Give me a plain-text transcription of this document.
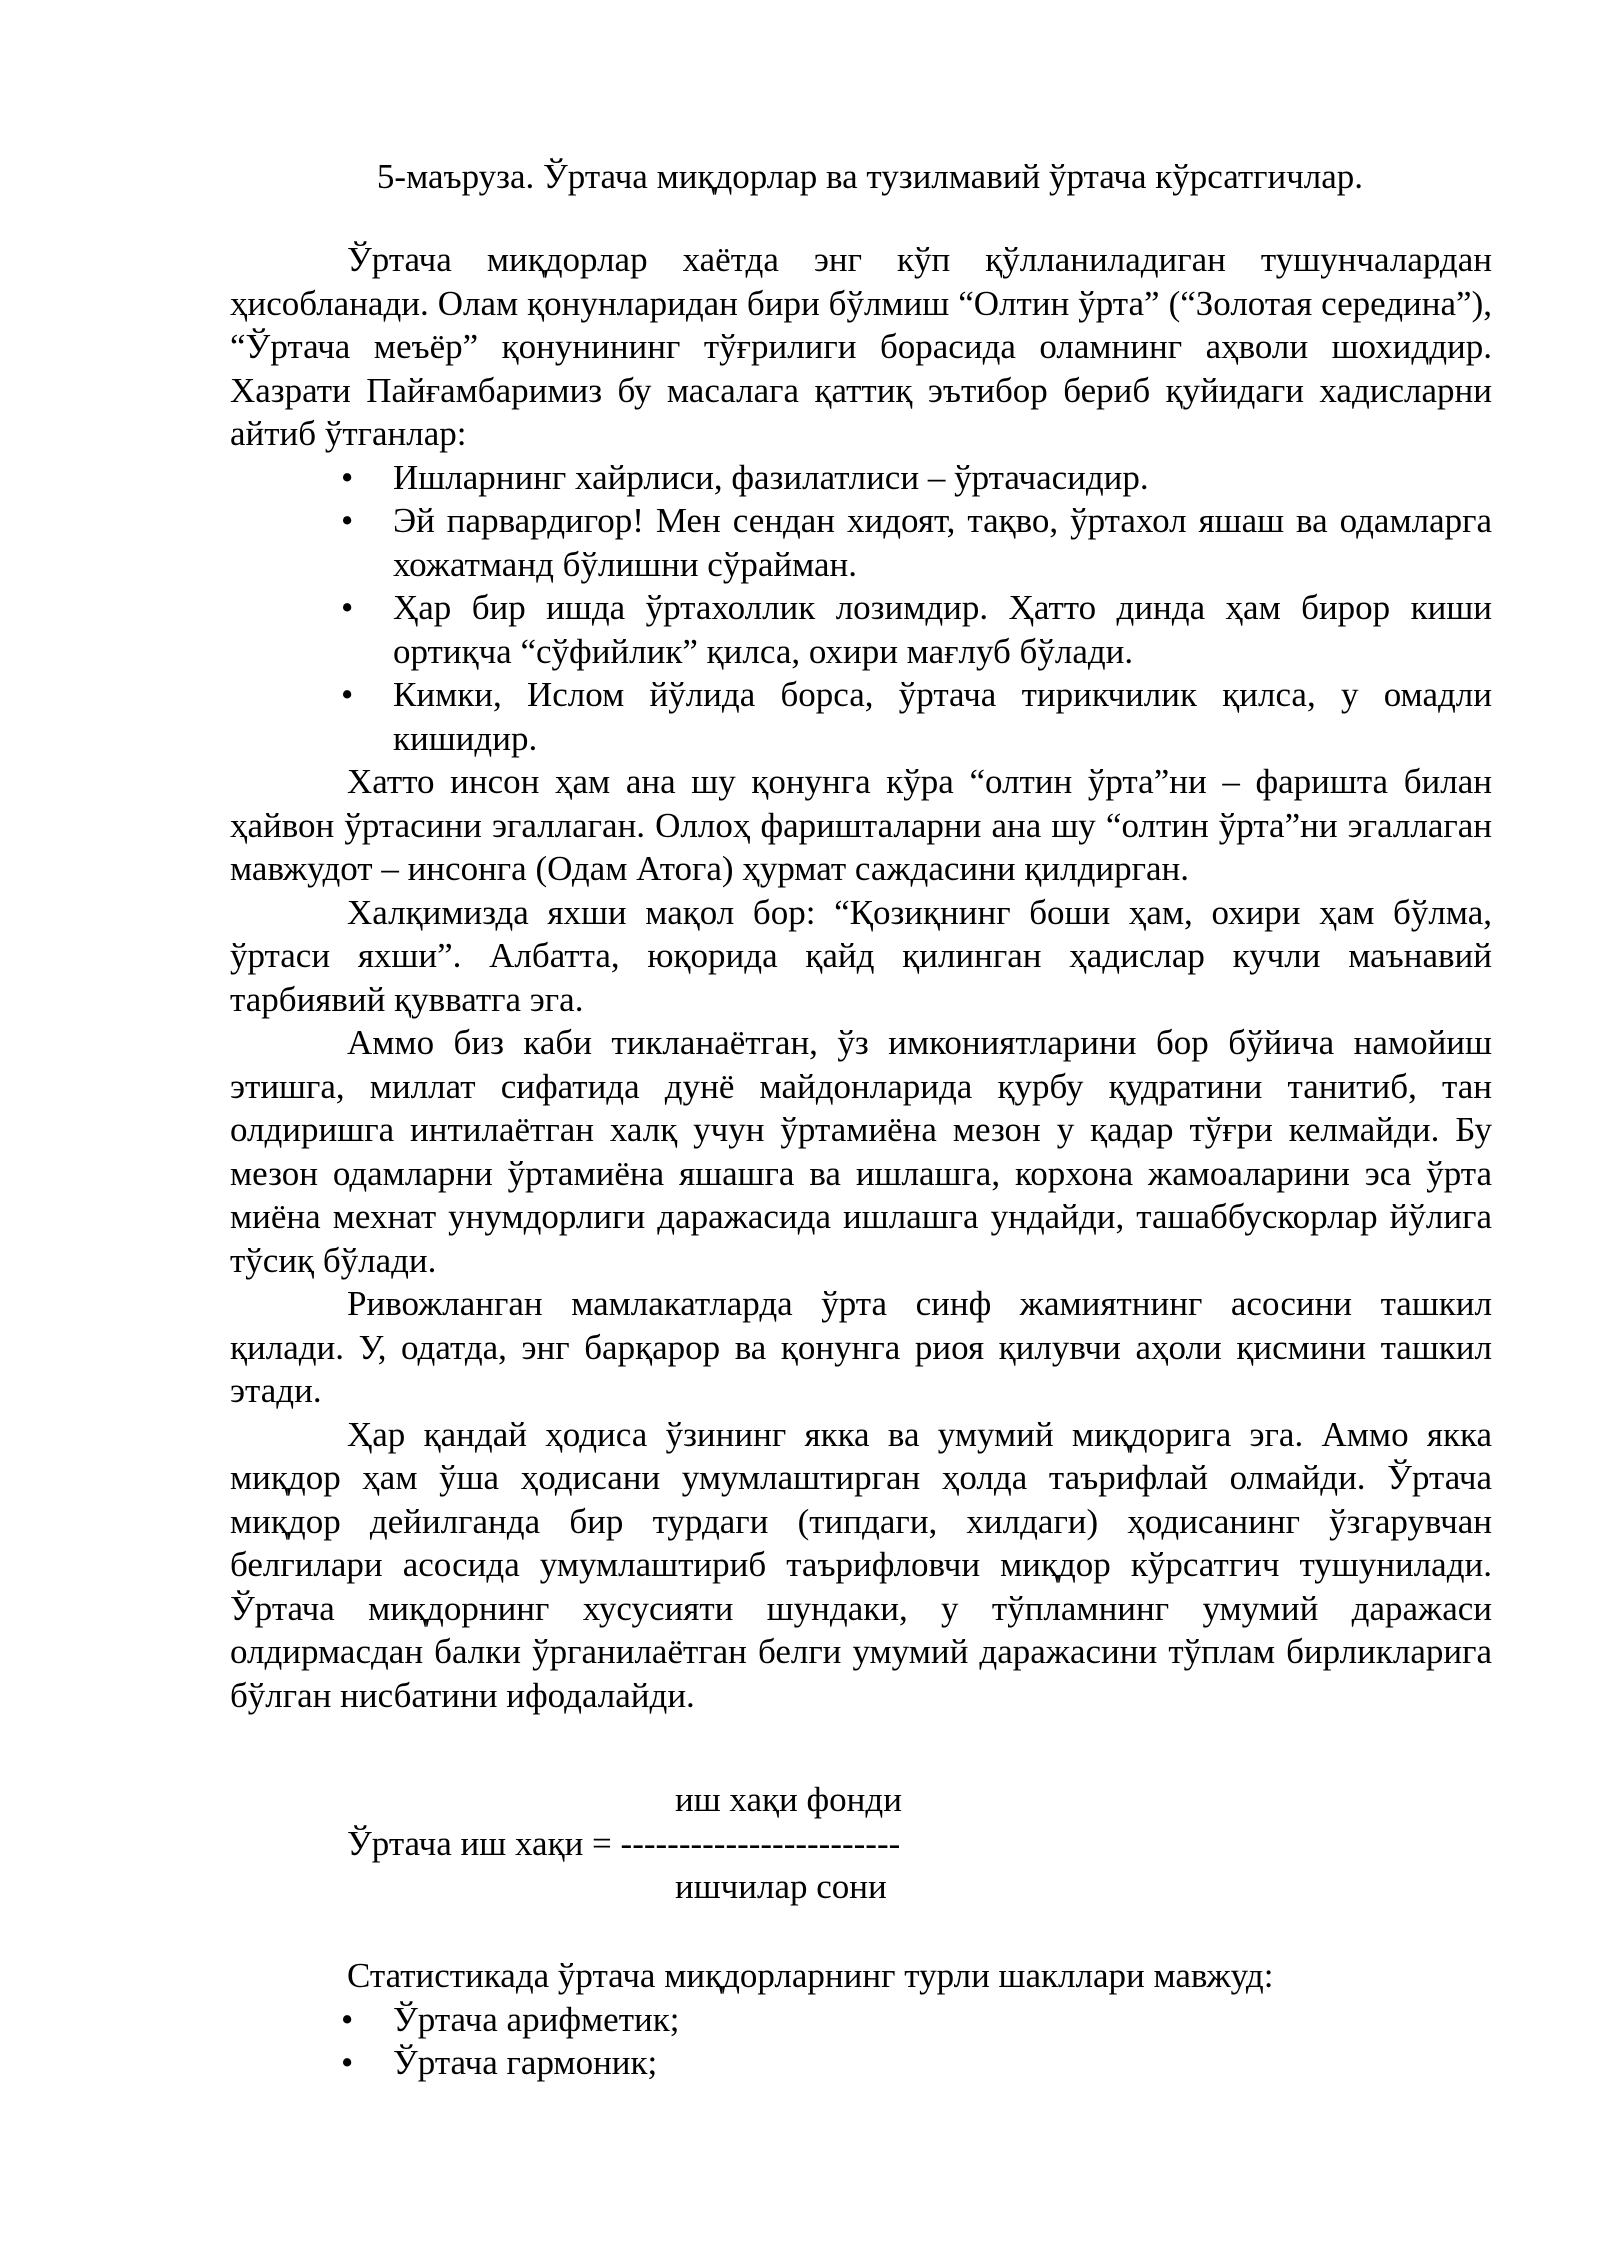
5-маъруза. Ўртача миқдорлар ва тузилмавий ўртача кўрсатгичлар.

Ўртача миқдорлар хаётда энг кўп қўлланиладиган тушунчалардан ҳисобланади. Олам қонунларидан бири бўлмиш “Олтин ўрта” (“Золотая середина”), “Ўртача меъёр” қонунининг тўғрилиги борасида оламнинг аҳволи шохиддир. Хазрати Пайғамбаримиз бу масалага қаттиқ эътибор бериб қуйидаги хадисларни айтиб ўтганлар:

• Ишларнинг хайрлиси, фазилатлиси – ўртачасидир.
• Эй парвардигор! Мен сендан хидоят, тақво, ўртахол яшаш ва одамларга хожатманд бўлишни сўрайман.
• Ҳар бир ишда ўртахоллик лозимдир. Ҳатто динда ҳам бирор киши ортиқча “сўфийлик” қилса, охири мағлуб бўлади.
• Кимки, Ислом йўлида борса, ўртача тирикчилик қилса, у омадли кишидир.

Хатто инсон ҳам ана шу қонунга кўра “олтин ўрта”ни – фаришта билан ҳайвон ўртасини эгаллаган. Оллоҳ фаришталарни ана шу “олтин ўрта”ни эгаллаган мавжудот – инсонга (Одам Атога) ҳурмат саждасини қилдирган.

Халқимизда яхши мақол бор: “Қозиқнинг боши ҳам, охири ҳам бўлма, ўртаси яхши”. Албатта, юқорида қайд қилинган ҳадислар кучли маънавий тарбиявий қувватга эга.

Аммо биз каби тикланаётган, ўз имкониятларини бор бўйича намойиш этишга, миллат сифатида дунё майдонларида қурбу қудратини танитиб, тан олдиришга интилаётган халқ учун ўртамиёна мезон у қадар тўғри келмайди. Бу мезон одамларни ўртамиёна яшашга ва ишлашга, корхона жамоаларини эса ўрта миёна мехнат унумдорлиги даражасида ишлашга ундайди, ташаббускорлар йўлига тўсиқ бўлади.

Ривожланган мамлакатларда ўрта синф жамиятнинг асосини ташкил қилади. У, одатда, энг барқарор ва қонунга риоя қилувчи аҳоли қисмини ташкил этади.

Ҳар қандай ҳодиса ўзининг якка ва умумий миқдорига эга. Аммо якка миқдор ҳам ўша ҳодисани умумлаштирган ҳолда таърифлай олмайди. Ўртача миқдор дейилганда бир турдаги (типдаги, хилдаги) ҳодисанинг ўзгарувчан белгилари асосида умумлаштириб таърифловчи миқдор кўрсатгич тушунилади. Ўртача миқдорнинг хусусияти шундаки, у тўпламнинг умумий даражаси олдирмасдан балки ўрганилаётган белги умумий даражасини тўплам бирликларига бўлган нисбатини ифодалайди.

иш хақи фонди
Ўртача иш хақи = ------------------------
ишчилар сони
Статистикада ўртача миқдорларнинг турли шакллари мавжуд:
• Ўртача арифметик;
• Ўртача гармоник;
